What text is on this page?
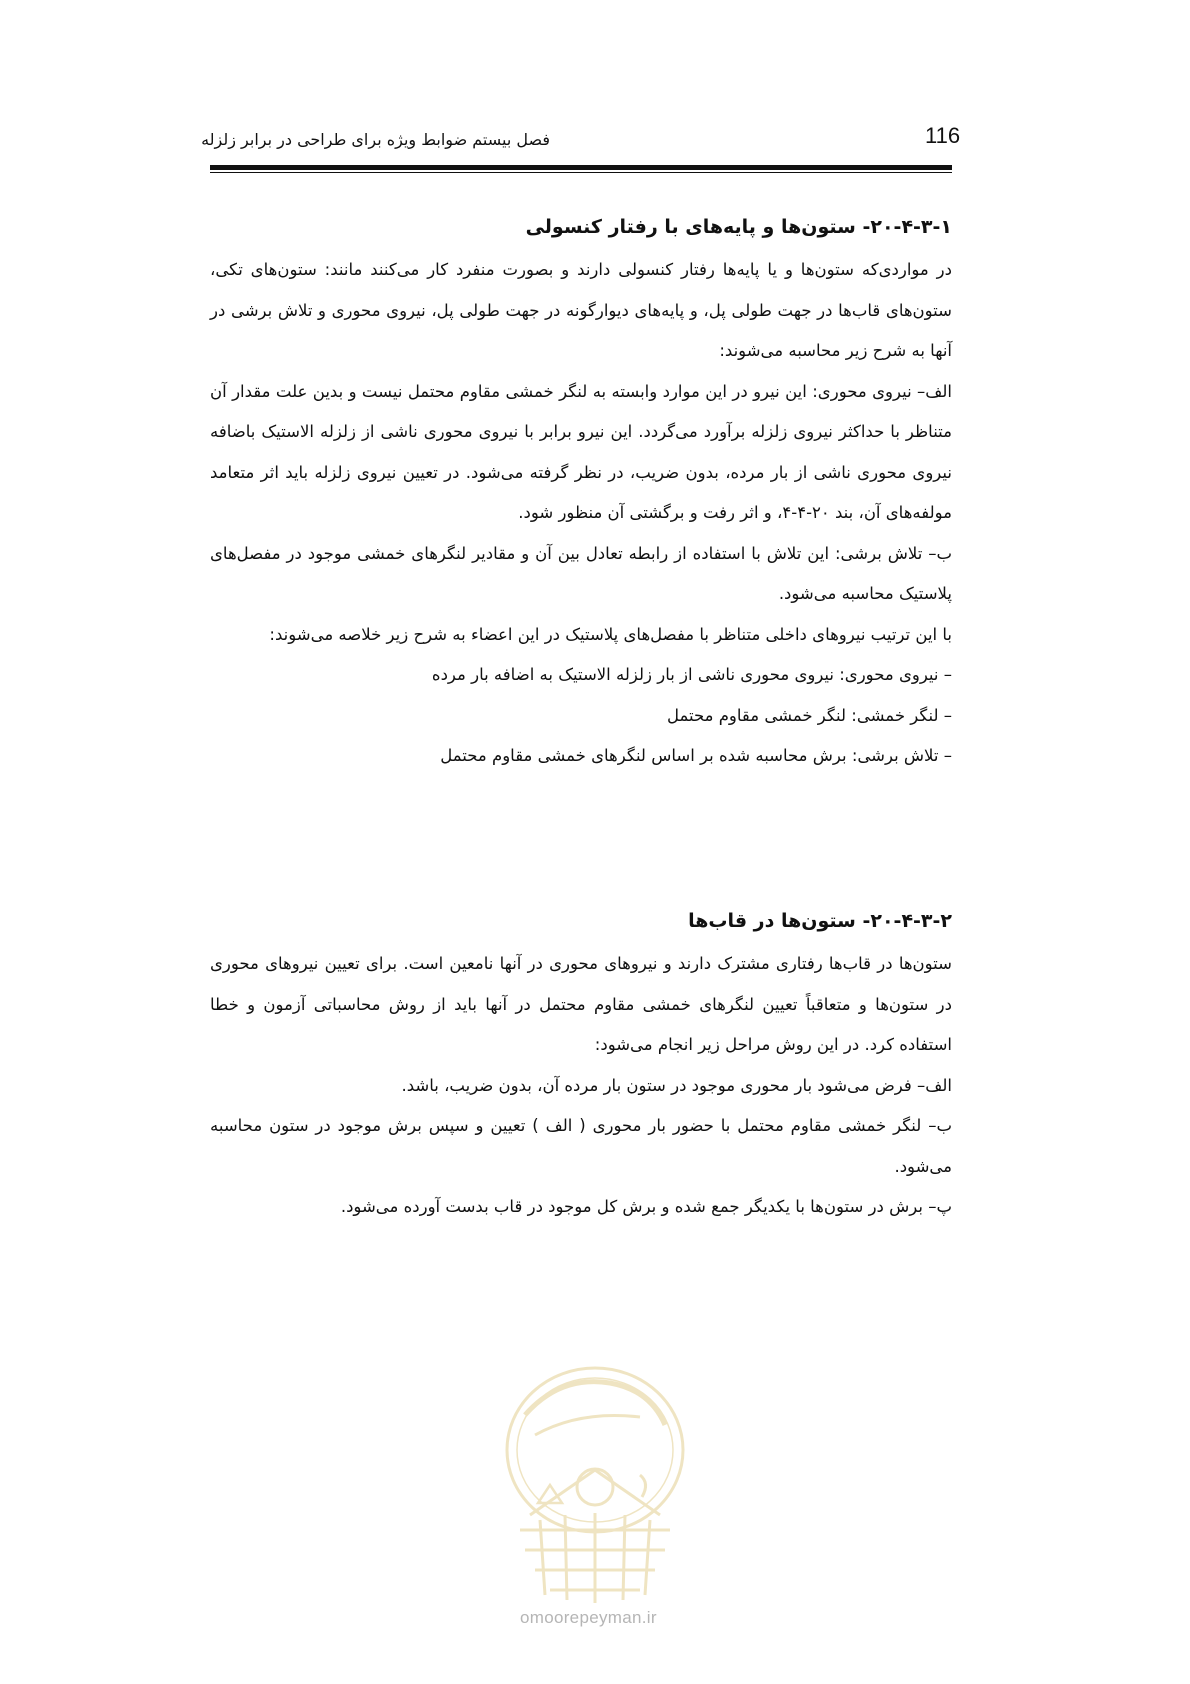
116
فصل بیستم ضوابط ویژه برای طراحی در برابر زلزله
۲۰-۴-۳-۱- ستون‌ها و پایه‌های با رفتار کنسولی

در مواردی‌که ستون‌ها و یا پایه‌ها رفتار کنسولی دارند و بصورت منفرد کار می‌کنند مانند: ستون‌های تکی، ستون‌های قاب‌ها در جهت طولی پل، و پایه‌های دیوارگونه در جهت طولی پل، نیروی محوری و تلاش برشی در آنها به شرح زیر محاسبه می‌شوند:

الف– نیروی محوری: این نیرو در این موارد وابسته به لنگر خمشی مقاوم محتمل نیست و بدین علت مقدار آن متناظر با حداکثر نیروی زلزله برآورد می‌گردد. این نیرو برابر با نیروی محوری ناشی از زلزله الاستیک باضافه نیروی محوری ناشی از بار مرده، بدون ضریب، در نظر گرفته می‌شود. در تعیین نیروی زلزله باید اثر متعامد مولفه‌های آن، بند ۲۰-۴-۴، و اثر رفت و برگشتی آن منظور شود.

ب– تلاش برشی: این تلاش با استفاده از رابطه تعادل بین آن و مقادیر لنگرهای خمشی موجود در مفصل‌های پلاستیک محاسبه می‌شود.

با این ترتیب نیروهای داخلی متناظر با مفصل‌های پلاستیک در این اعضاء به شرح زیر خلاصه می‌شوند:

– نیروی محوری: نیروی محوری ناشی از بار زلزله الاستیک به اضافه بار مرده
– لنگر خمشی: لنگر خمشی مقاوم محتمل
– تلاش برشی: برش محاسبه شده بر اساس لنگرهای خمشی مقاوم محتمل
۲۰-۴-۳-۲- ستون‌ها در قاب‌ها

ستون‌ها در قاب‌ها رفتاری مشترک دارند و نیروهای محوری در آنها نامعین است. برای تعیین نیروهای محوری در ستون‌ها و متعاقباً تعیین لنگرهای خمشی مقاوم محتمل در آنها باید از روش محاسباتی آزمون و خطا استفاده کرد. در این روش مراحل زیر انجام می‌شود:

الف– فرض می‌شود بار محوری موجود در ستون بار مرده آن، بدون ضریب، باشد.

ب– لنگر خمشی مقاوم محتمل با حضور بار محوری ( الف ) تعیین و سپس برش موجود در ستون محاسبه می‌شود.

پ– برش در ستون‌ها با یکدیگر جمع شده و برش کل موجود در قاب بدست آورده می‌شود.

omoorepeyman.ir
